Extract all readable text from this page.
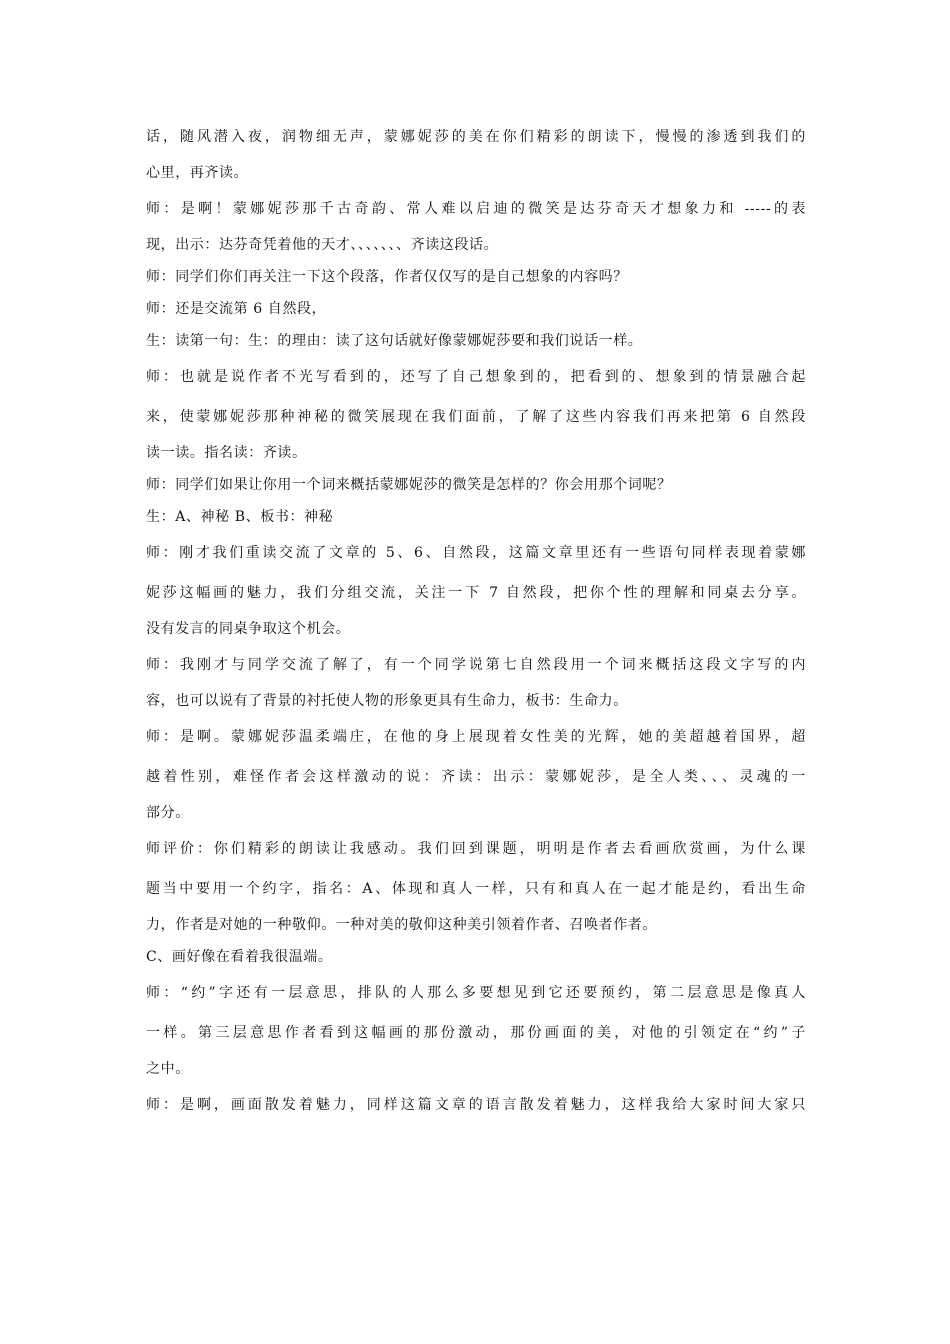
话，随风潜入夜，润物细无声，蒙娜妮莎的美在你们精彩的朗读下，慢慢的渗透到我们的
心里，再齐读。
师：是啊！蒙娜妮莎那千古奇韵、常人难以启迪的微笑是达芬奇天才想象力和 -----的表
现，出示：达芬奇凭着他的天才、、、、、、、齐读这段话。
师：同学们你们再关注一下这个段落，作者仅仅写的是自己想象的内容吗？
师：还是交流第 6 自然段，
生：读第一句：生：的理由：读了这句话就好像蒙娜妮莎要和我们说话一样。
师：也就是说作者不光写看到的，还写了自己想象到的，把看到的、想象到的情景融合起
来，使蒙娜妮莎那种神秘的微笑展现在我们面前，了解了这些内容我们再来把第 6 自然段
读一读。指名读：齐读。
师：同学们如果让你用一个词来概括蒙娜妮莎的微笑是怎样的？你会用那个词呢？
生：A、神秘 B、板书：神秘
师：刚才我们重读交流了文章的 5、6、自然段，这篇文章里还有一些语句同样表现着蒙娜
妮莎这幅画的魅力，我们分组交流，关注一下 7 自然段，把你个性的理解和同桌去分享。
没有发言的同桌争取这个机会。
师：我刚才与同学交流了解了，有一个同学说第七自然段用一个词来概括这段文字写的内
容，也可以说有了背景的衬托使人物的形象更具有生命力，板书：生命力。
师：是啊。蒙娜妮莎温柔端庄，在他的身上展现着女性美的光辉，她的美超越着国界，超
越着性别，难怪作者会这样激动的说：齐读：出示：蒙娜妮莎，是全人类、、、灵魂的一
部分。
师评价：你们精彩的朗读让我感动。我们回到课题，明明是作者去看画欣赏画，为什么课
题当中要用一个约字，指名：A、体现和真人一样，只有和真人在一起才能是约，看出生命
力，作者是对她的一种敬仰。一种对美的敬仰这种美引领着作者、召唤者作者。
C、画好像在看着我很温端。
师：“约”字还有一层意思，排队的人那么多要想见到它还要预约，第二层意思是像真人
一样。第三层意思作者看到这幅画的那份激动，那份画面的美，对他的引领定在“约”子
之中。
师：是啊，画面散发着魅力，同样这篇文章的语言散发着魅力，这样我给大家时间大家只
